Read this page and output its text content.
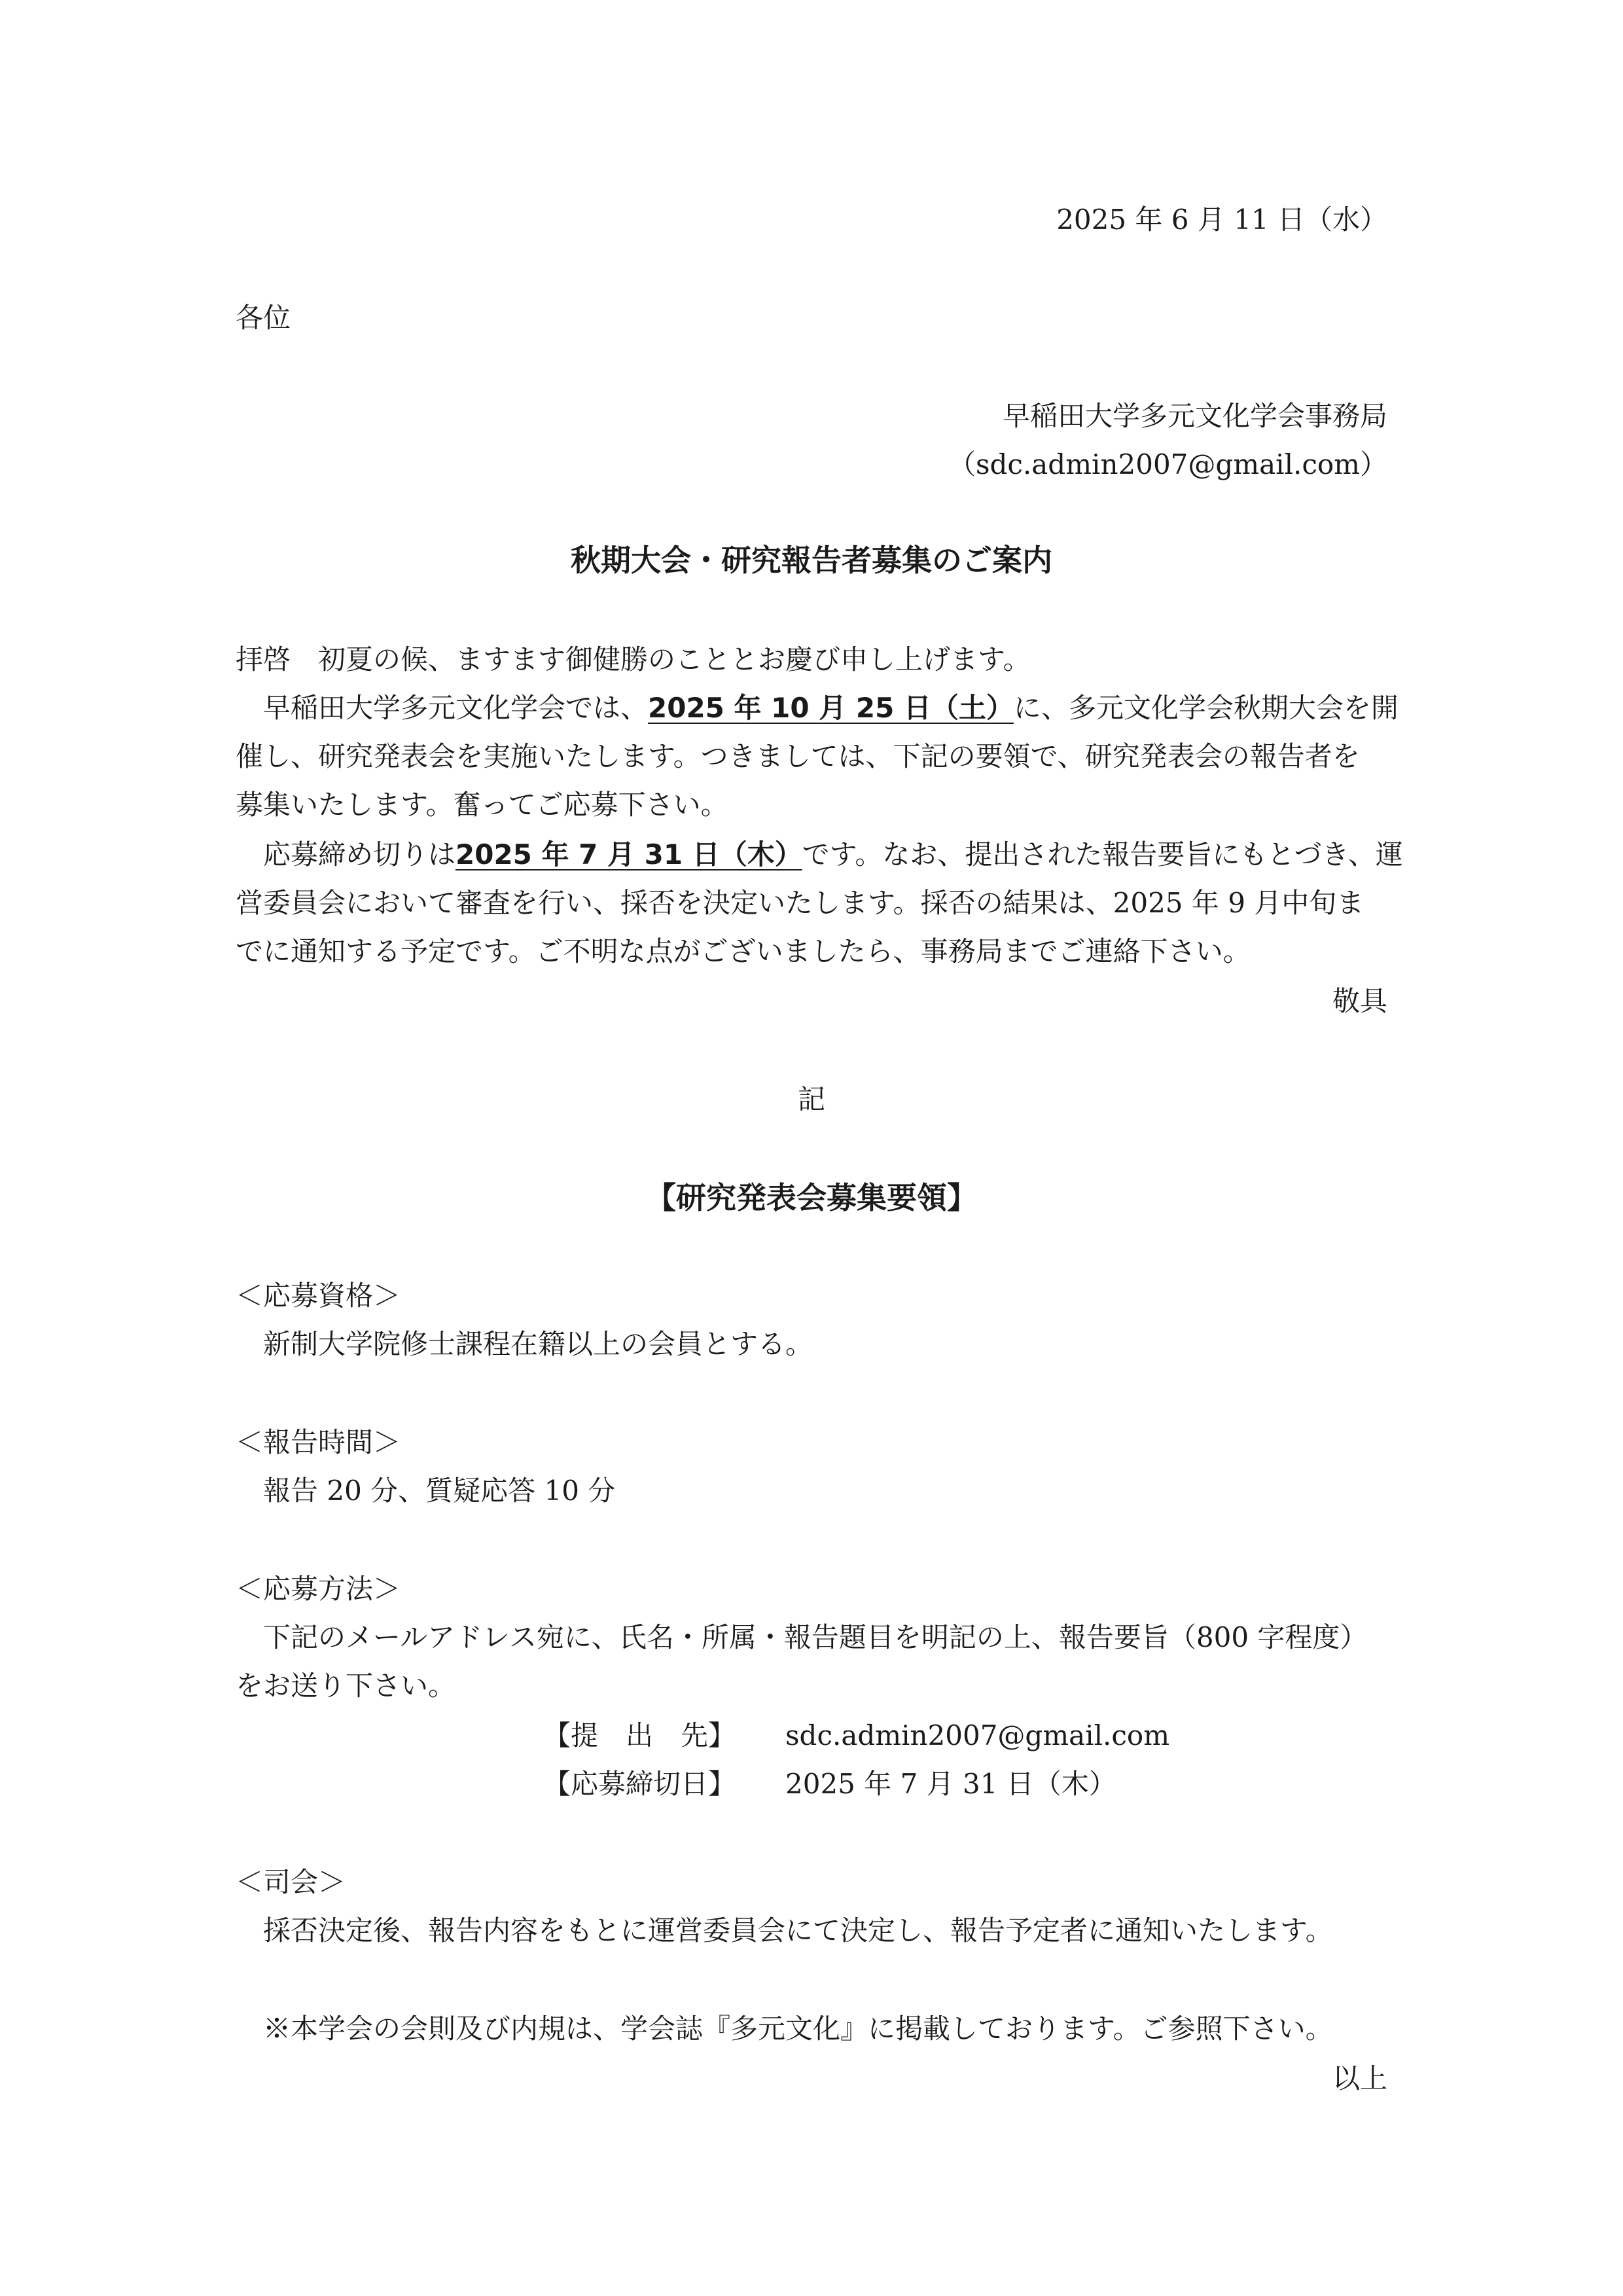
2025 年 6 月 11 日（水）
各位
早稲田大学多元文化学会事務局
（sdc.admin2007@gmail.com）
秋期大会・研究報告者募集のご案内
拝啓　初夏の候、ますます御健勝のこととお慶び申し上げます。
早稲田大学多元文化学会では、2025 年 10 月 25 日（土）に、多元文化学会秋期大会を開
催し、研究発表会を実施いたします。つきましては、下記の要領で、研究発表会の報告者を
募集いたします。奮ってご応募下さい。
応募締め切りは2025 年 7 月 31 日（木）です。なお、提出された報告要旨にもとづき、運
営委員会において審査を行い、採否を決定いたします。採否の結果は、2025 年 9 月中旬ま
でに通知する予定です。ご不明な点がございましたら、事務局までご連絡下さい。
敬具
記
【研究発表会募集要領】
＜応募資格＞
新制大学院修士課程在籍以上の会員とする。
＜報告時間＞
報告 20 分、質疑応答 10 分
＜応募方法＞
下記のメールアドレス宛に、氏名・所属・報告題目を明記の上、報告要旨（800 字程度）
をお送り下さい。
【提　出　先】 sdc.admin2007@gmail.com
【応募締切日】 2025 年 7 月 31 日（木）
＜司会＞
採否決定後、報告内容をもとに運営委員会にて決定し、報告予定者に通知いたします。
※本学会の会則及び内規は、学会誌『多元文化』に掲載しております。ご参照下さい。
以上
